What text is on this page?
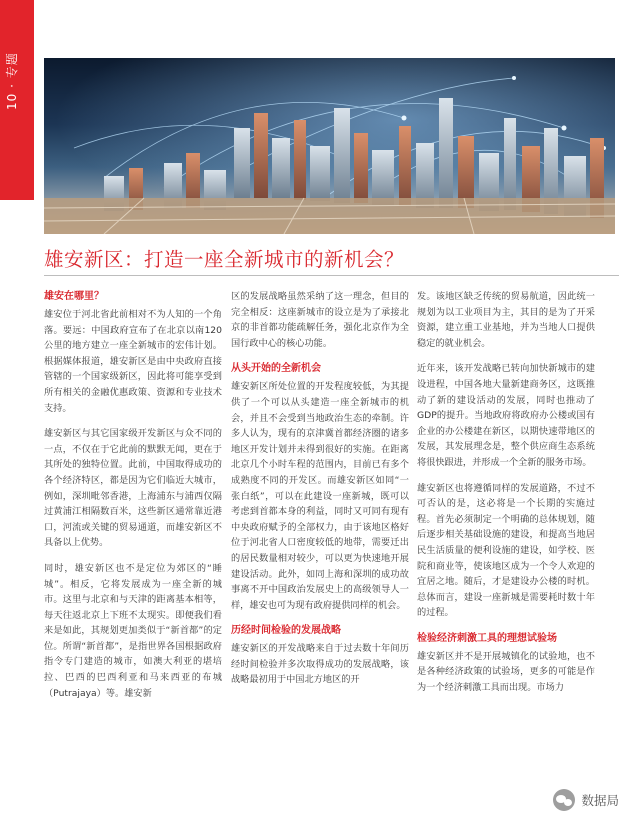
10 · 专题
雄安新区：打造一座全新城市的新机会？
雄安在哪里？

雄安位于河北省此前相对不为人知的一个角落。要远：中国政府宣布了在北京以南120公里的地方建立一座全新城市的宏伟计划。根据媒体报道，雄安新区是由中央政府直接管辖的一个国家级新区，因此将可能享受到所有相关的金融优惠政策、资源和专业技术支持。

雄安新区与其它国家级开发新区与众不同的一点，不仅在于它此前的默默无闻，更在于其所处的独特位置。此前，中国取得成功的各个经济特区，都是因为它们临近大城市，例如，深圳毗邻香港，上海浦东与浦西仅隔过黄浦江相隔数百米，这些新区通常靠近港口，河流或关键的贸易通道，而雄安新区不具备以上优势。

同时，雄安新区也不是定位为郊区的“睡城”。相反，它将发展成为一座全新的城市。这里与北京和与天津的距离基本相等，每天往返北京上下班不太现实。即便我们看来是如此，其规划更加类似于“新首都”的定位。所谓“新首都”，是指世界各国根据政府指令专门建造的城市，如澳大利亚的堪培拉、巴西的巴西利亚和马来西亚的布城（Putrajaya）等。雄安新

区的发展战略虽然采纳了这一理念，但目的完全相反：这座新城市的设立是为了承接北京的非首都功能疏解任务，强化北京作为全国行政中心的核心功能。

从头开始的全新机会

雄安新区所处位置的开发程度较低，为其提供了一个可以从头建造一座全新城市的机会，并且不会受到当地政治生态的牵制。许多人认为，现有的京津冀首都经济圈的诸多地区开发计划并未得到很好的实施。在距离北京几个小时车程的范围内，目前已有多个成熟度不同的开发区。而雄安新区如同“一张白纸”，可以在此建设一座新城，既可以考虑到首都本身的利益，同时又可同有现有中央政府赋予的全部权力，由于该地区格好位于河北省人口密度较低的地带，需要迁出的居民数量相对较少，可以更为快速地开展建设活动。此外，如同上海和深圳的成功故事离不开中国政治发展史上的高级领导人一样，雄安也可为现有政府提供同样的机会。

历经时间检验的发展战略

雄安新区的开发战略来自于过去数十年间历经时间检验并多次取得成功的发展战略，该战略最初用于中国北方地区的开

发。该地区缺乏传统的贸易航道，因此统一规划为以工业项目为主，其目的是为了开采资源，建立重工业基地，并为当地人口提供稳定的就业机会。

近年来，该开发战略已转向加快新城市的建设进程，中国各地大量新建商务区，这既推动了新的建设活动的发展，同时也推动了GDP的提升。当地政府将政府办公楼或国有企业的办公楼建在新区，以期快速带地区的发展，其发展理念是，整个供应商生态系统将很快跟进，并形成一个全新的服务市场。

雄安新区也将遵循同样的发展道路，不过不可否认的是，这必将是一个长期的实施过程。首先必须制定一个明确的总体规划，随后逐步相关基础设施的建设，和提高当地居民生活质量的便利设施的建设，如学校、医院和商业等，使该地区成为一个令人欢迎的宜居之地。随后，才是建设办公楼的时机。总体而言，建设一座新城是需要耗时数十年的过程。

检验经济刺激工具的理想试验场

雄安新区并不是开展城镇化的试验地，也不是各种经济政策的试验场，更多的可能是作为一个经济刺激工具而出现。市场力

数据局
